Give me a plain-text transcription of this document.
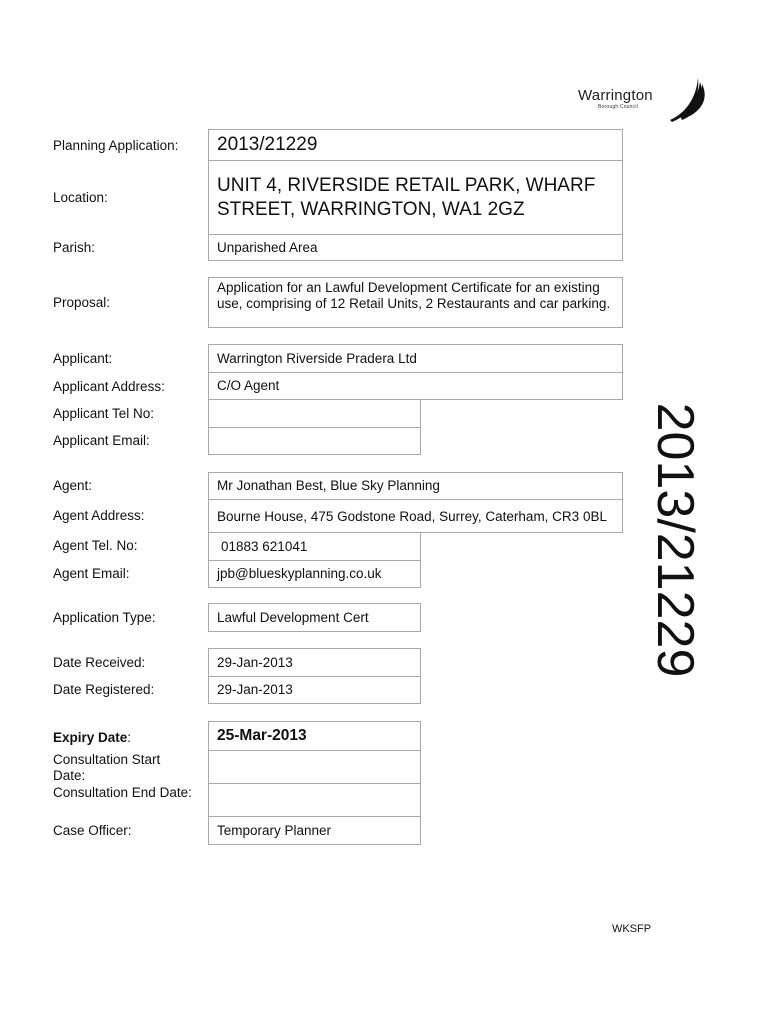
Warrington
Borough Council
Planning Application:
Location:
Parish:
Proposal:
Applicant:
Applicant Address:
Applicant Tel No:
Applicant Email:
Agent:
Agent Address:
Agent Tel. No:
Agent Email:
Application Type:
Date Received:
Date Registered:
Expiry Date:
Consultation Start Date:
Consultation End Date:
Case Officer:
2013/21229
UNIT 4, RIVERSIDE RETAIL PARK, WHARF STREET, WARRINGTON, WA1 2GZ
Unparished Area
Application for an Lawful Development Certificate for an existing use, comprising of 12 Retail Units, 2 Restaurants and car parking.
Warrington Riverside Pradera Ltd
C/O Agent
Mr Jonathan Best, Blue Sky Planning
Bourne House, 475 Godstone Road, Surrey, Caterham, CR3 0BL
01883 621041
jpb@blueskyplanning.co.uk
Lawful Development Cert
29-Jan-2013
29-Jan-2013
25-Mar-2013
Temporary Planner
2013/21229
WKSFP
